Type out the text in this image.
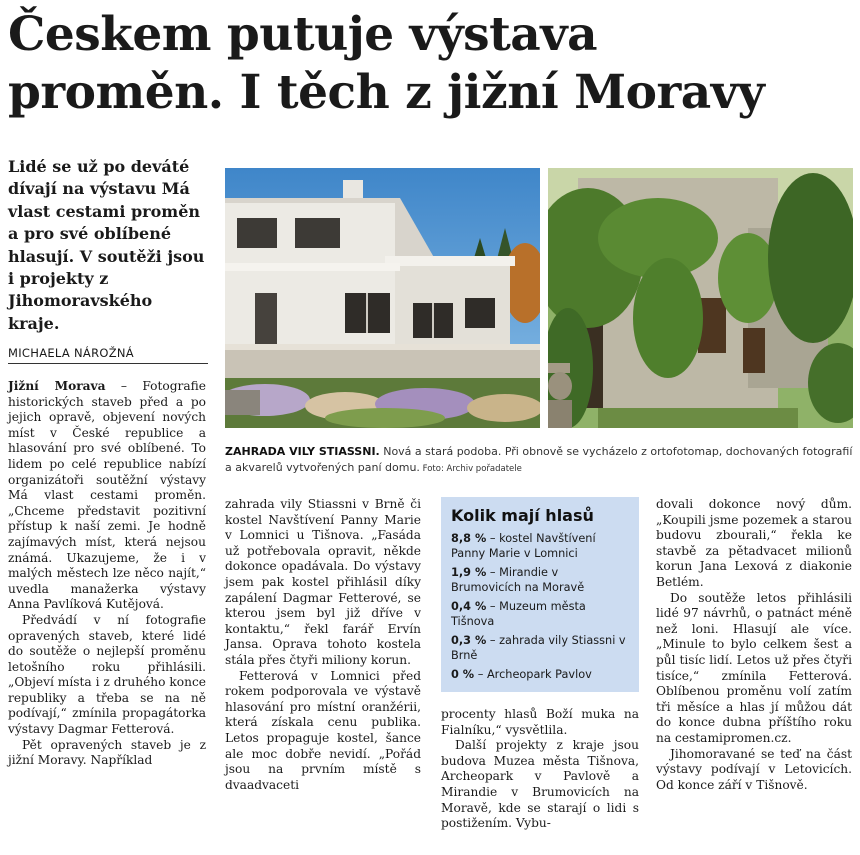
Českem putuje výstava
proměn. I těch z jižní Moravy

Lidé se už po deváté dívají na výstavu Má vlast cestami proměn a pro své oblíbené hlasují. V soutěži jsou i projekty z Jihomoravského kraje.

MICHAELA NÁROŽNÁ

Jižní Morava – Fotografie historických staveb před a po jejich opravě, objevení nových míst v České republice a hlasování pro své oblíbené. To lidem po celé republice nabízí organizátoři soutěžní výstavy Má vlast cestami proměn. „Chceme představit pozitivní přístup k naší zemi. Je hodně zajímavých míst, která nejsou známá. Ukazujeme, že i v malých městech lze něco najít,“ uvedla manažerka výstavy Anna Pavlíková Kutějová.

Předvádí v ní fotografie opravených staveb, které lidé do soutěže o nejlepší proměnu letošního roku přihlásili. „Objeví místa i z druhého konce republiky a třeba se na ně podívají,“ zmínila propagátorka výstavy Dagmar Fetterová.

Pět opravených staveb je z jižní Moravy. Například

ZAHRADA VILY STIASSNI. Nová a stará podoba. Při obnově se vycházelo z ortofotomap, dochovaných fotografií a akvarelů vytvořených paní domu. Foto: Archiv pořadatele

zahrada vily Stiassni v Brně či kostel Navštívení Panny Marie v Lomnici u Tišnova. „Fasáda už potřebovala opravit, někde dokonce opadávala. Do výstavy jsem pak kostel přihlásil díky zapálení Dagmar Fetterové, se kterou jsem byl již dříve v kontaktu,“ řekl farář Ervín Jansa. Oprava tohoto kostela stála přes čtyři miliony korun.

Fetterová v Lomnici před rokem podporovala ve výstavě hlasování pro místní oranžérii, která získala cenu publika. Letos propaguje kostel, šance ale moc dobře nevidí. „Pořád jsou na prvním místě s dvaadvaceti

Kolik mají hlasů
8,8 % – kostel Navštívení Panny Marie v Lomnici
1,9 % – Mirandie v Brumovicích na Moravě
0,4 % – Muzeum města Tišnova
0,3 % – zahrada vily Stiassni v Brně
0 % – Archeopark Pavlov

procenty hlasů Boží muka na Fialníku,“ vysvětlila.

Další projekty z kraje jsou budova Muzea města Tišnova, Archeopark v Pavlově a Mirandie v Brumovicích na Moravě, kde se starají o lidi s postižením. Vybu-

dovali dokonce nový dům. „Koupili jsme pozemek a starou budovu zbourali,“ řekla ke stavbě za pětadvacet milionů korun Jana Lexová z diakonie Betlém.

Do soutěže letos přihlásili lidé 97 návrhů, o patnáct méně než loni. Hlasují ale více. „Minule to bylo celkem šest a půl tisíc lidí. Letos už přes čtyři tisíce,“ zmínila Fetterová. Oblíbenou proměnu volí zatím tři měsíce a hlas jí můžou dát do konce dubna příštího roku na cestamipromen.cz.

Jihomoravané se teď na část výstavy podívají v Letovicích. Od konce září v Tišnově.
